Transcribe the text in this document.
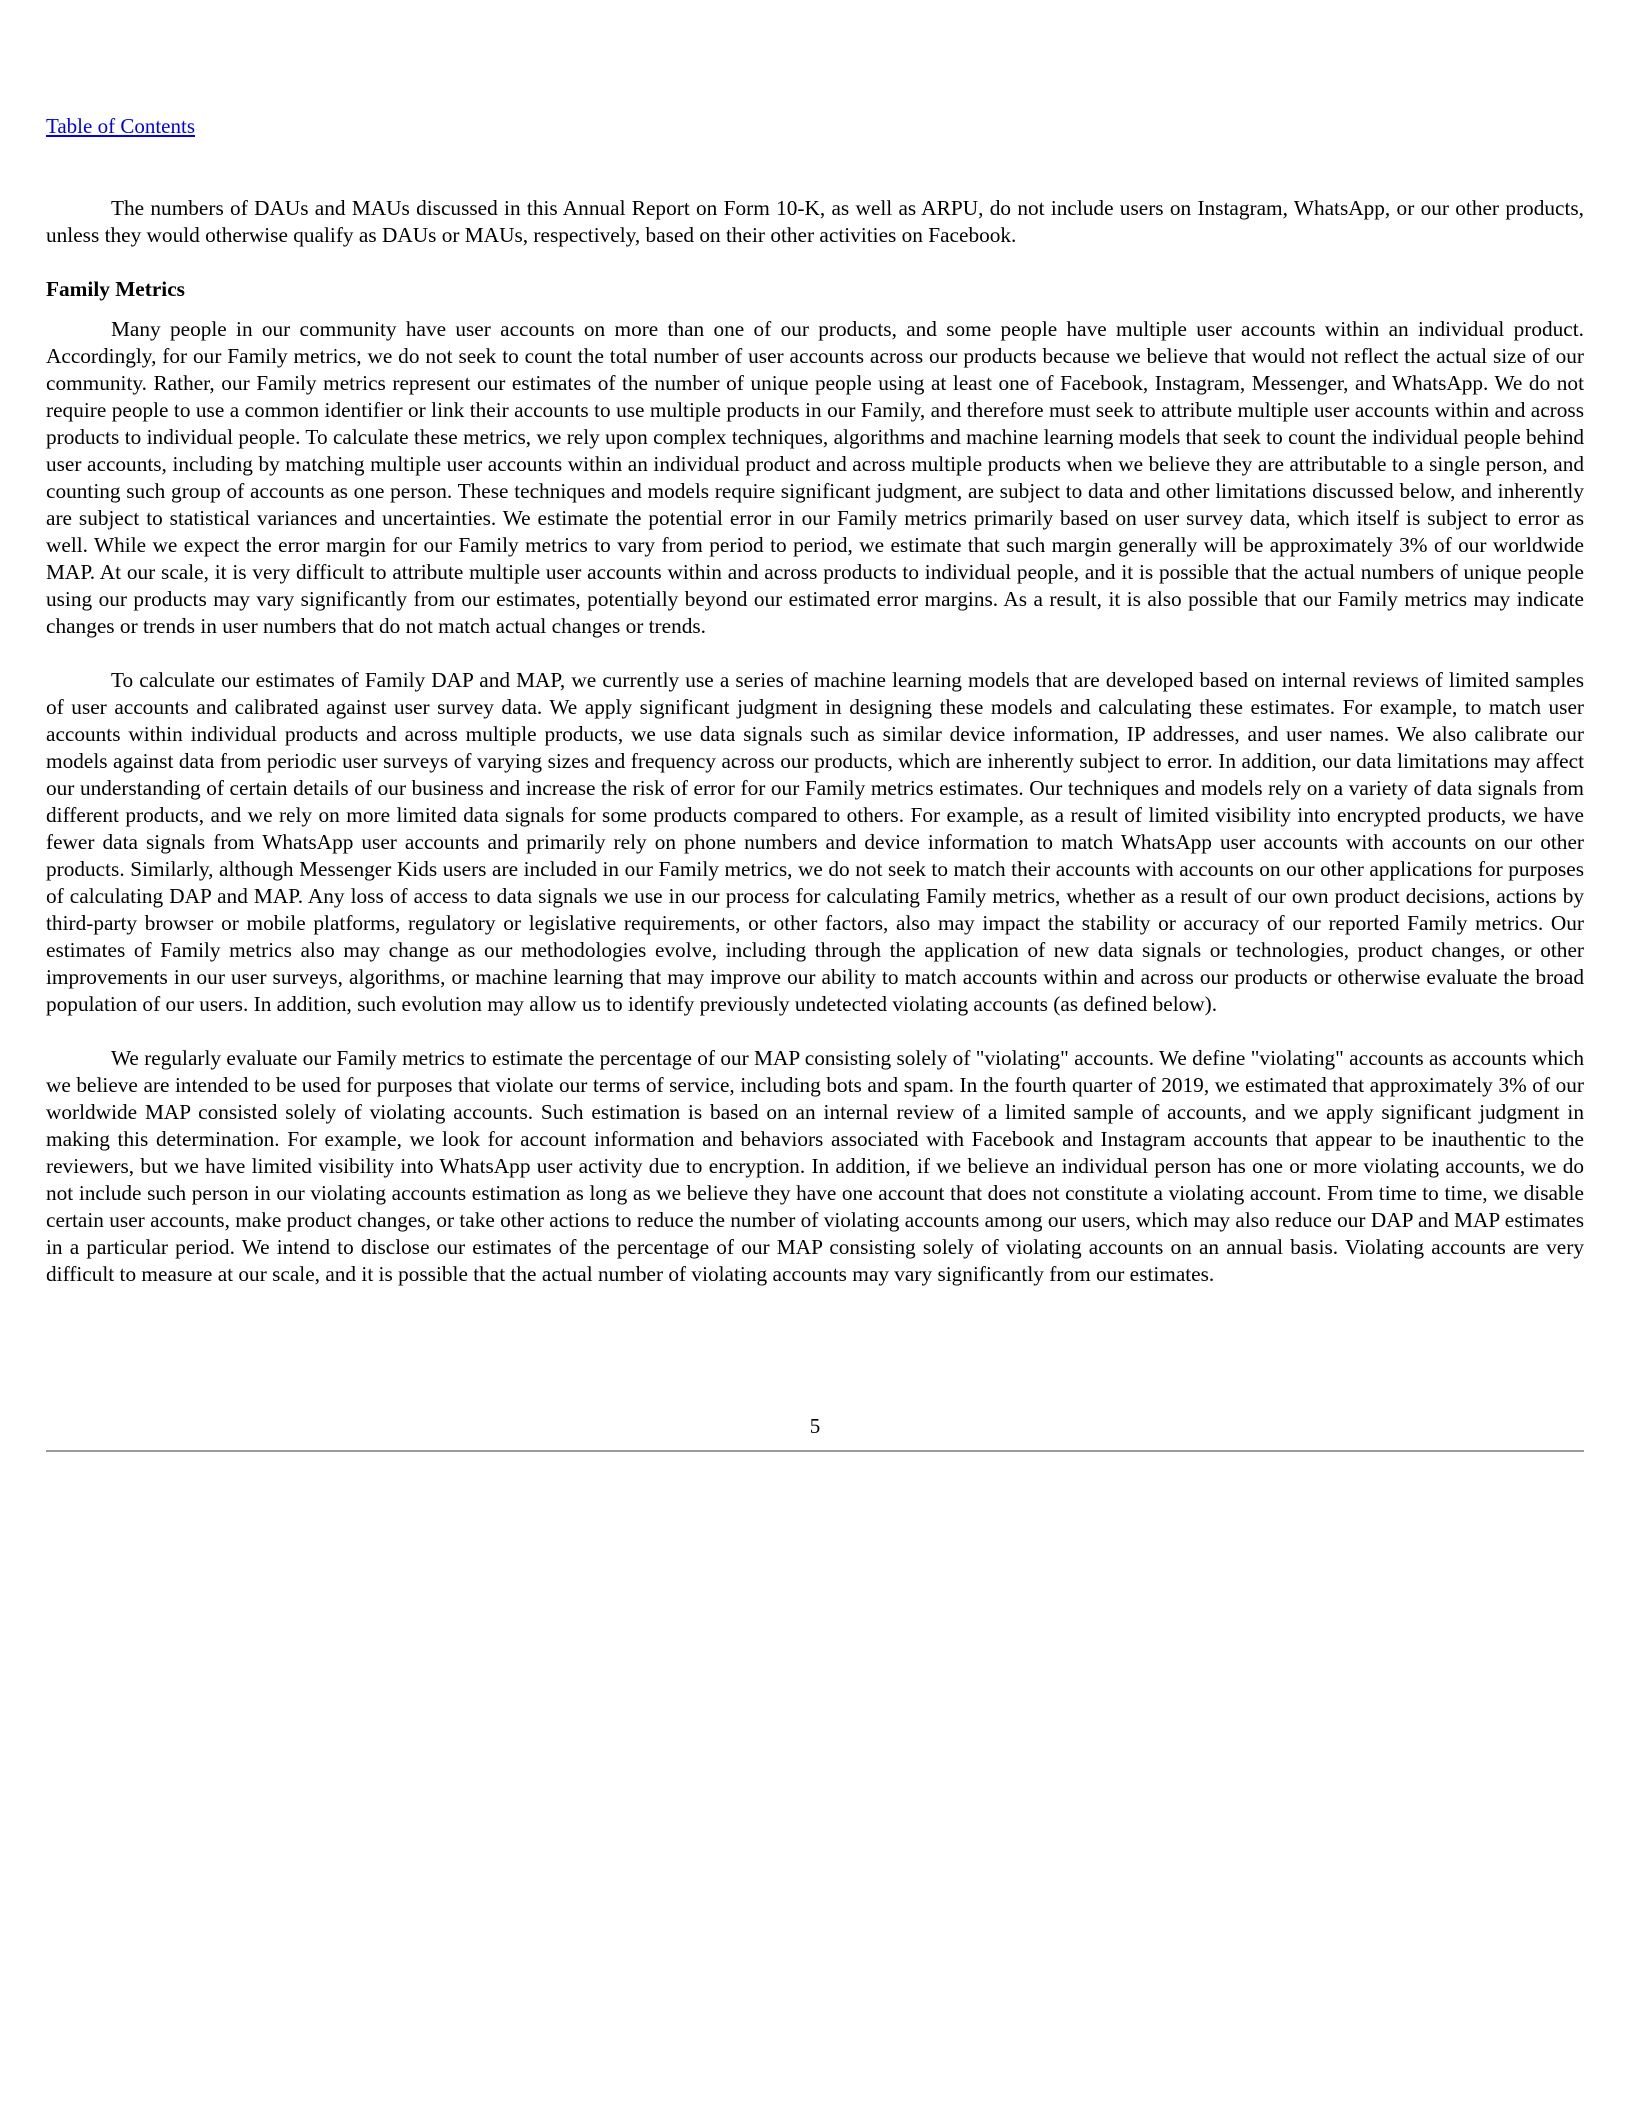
Table of Contents

The numbers of DAUs and MAUs discussed in this Annual Report on Form 10-K, as well as ARPU, do not include users on Instagram, WhatsApp, or our other products, unless they would otherwise qualify as DAUs or MAUs, respectively, based on their other activities on Facebook.

Family Metrics

Many people in our community have user accounts on more than one of our products, and some people have multiple user accounts within an individual product. Accordingly, for our Family metrics, we do not seek to count the total number of user accounts across our products because we believe that would not reflect the actual size of our community. Rather, our Family metrics represent our estimates of the number of unique people using at least one of Facebook, Instagram, Messenger, and WhatsApp. We do not require people to use a common identifier or link their accounts to use multiple products in our Family, and therefore must seek to attribute multiple user accounts within and across products to individual people. To calculate these metrics, we rely upon complex techniques, algorithms and machine learning models that seek to count the individual people behind user accounts, including by matching multiple user accounts within an individual product and across multiple products when we believe they are attributable to a single person, and counting such group of accounts as one person. These techniques and models require significant judgment, are subject to data and other limitations discussed below, and inherently are subject to statistical variances and uncertainties. We estimate the potential error in our Family metrics primarily based on user survey data, which itself is subject to error as well. While we expect the error margin for our Family metrics to vary from period to period, we estimate that such margin generally will be approximately 3% of our worldwide MAP. At our scale, it is very difficult to attribute multiple user accounts within and across products to individual people, and it is possible that the actual numbers of unique people using our products may vary significantly from our estimates, potentially beyond our estimated error margins. As a result, it is also possible that our Family metrics may indicate changes or trends in user numbers that do not match actual changes or trends.

To calculate our estimates of Family DAP and MAP, we currently use a series of machine learning models that are developed based on internal reviews of limited samples of user accounts and calibrated against user survey data. We apply significant judgment in designing these models and calculating these estimates. For example, to match user accounts within individual products and across multiple products, we use data signals such as similar device information, IP addresses, and user names. We also calibrate our models against data from periodic user surveys of varying sizes and frequency across our products, which are inherently subject to error. In addition, our data limitations may affect our understanding of certain details of our business and increase the risk of error for our Family metrics estimates. Our techniques and models rely on a variety of data signals from different products, and we rely on more limited data signals for some products compared to others. For example, as a result of limited visibility into encrypted products, we have fewer data signals from WhatsApp user accounts and primarily rely on phone numbers and device information to match WhatsApp user accounts with accounts on our other products. Similarly, although Messenger Kids users are included in our Family metrics, we do not seek to match their accounts with accounts on our other applications for purposes of calculating DAP and MAP. Any loss of access to data signals we use in our process for calculating Family metrics, whether as a result of our own product decisions, actions by third-party browser or mobile platforms, regulatory or legislative requirements, or other factors, also may impact the stability or accuracy of our reported Family metrics. Our estimates of Family metrics also may change as our methodologies evolve, including through the application of new data signals or technologies, product changes, or other improvements in our user surveys, algorithms, or machine learning that may improve our ability to match accounts within and across our products or otherwise evaluate the broad population of our users. In addition, such evolution may allow us to identify previously undetected violating accounts (as defined below).

We regularly evaluate our Family metrics to estimate the percentage of our MAP consisting solely of "violating" accounts. We define "violating" accounts as accounts which we believe are intended to be used for purposes that violate our terms of service, including bots and spam. In the fourth quarter of 2019, we estimated that approximately 3% of our worldwide MAP consisted solely of violating accounts. Such estimation is based on an internal review of a limited sample of accounts, and we apply significant judgment in making this determination. For example, we look for account information and behaviors associated with Facebook and Instagram accounts that appear to be inauthentic to the reviewers, but we have limited visibility into WhatsApp user activity due to encryption. In addition, if we believe an individual person has one or more violating accounts, we do not include such person in our violating accounts estimation as long as we believe they have one account that does not constitute a violating account. From time to time, we disable certain user accounts, make product changes, or take other actions to reduce the number of violating accounts among our users, which may also reduce our DAP and MAP estimates in a particular period. We intend to disclose our estimates of the percentage of our MAP consisting solely of violating accounts on an annual basis. Violating accounts are very difficult to measure at our scale, and it is possible that the actual number of violating accounts may vary significantly from our estimates.

5
